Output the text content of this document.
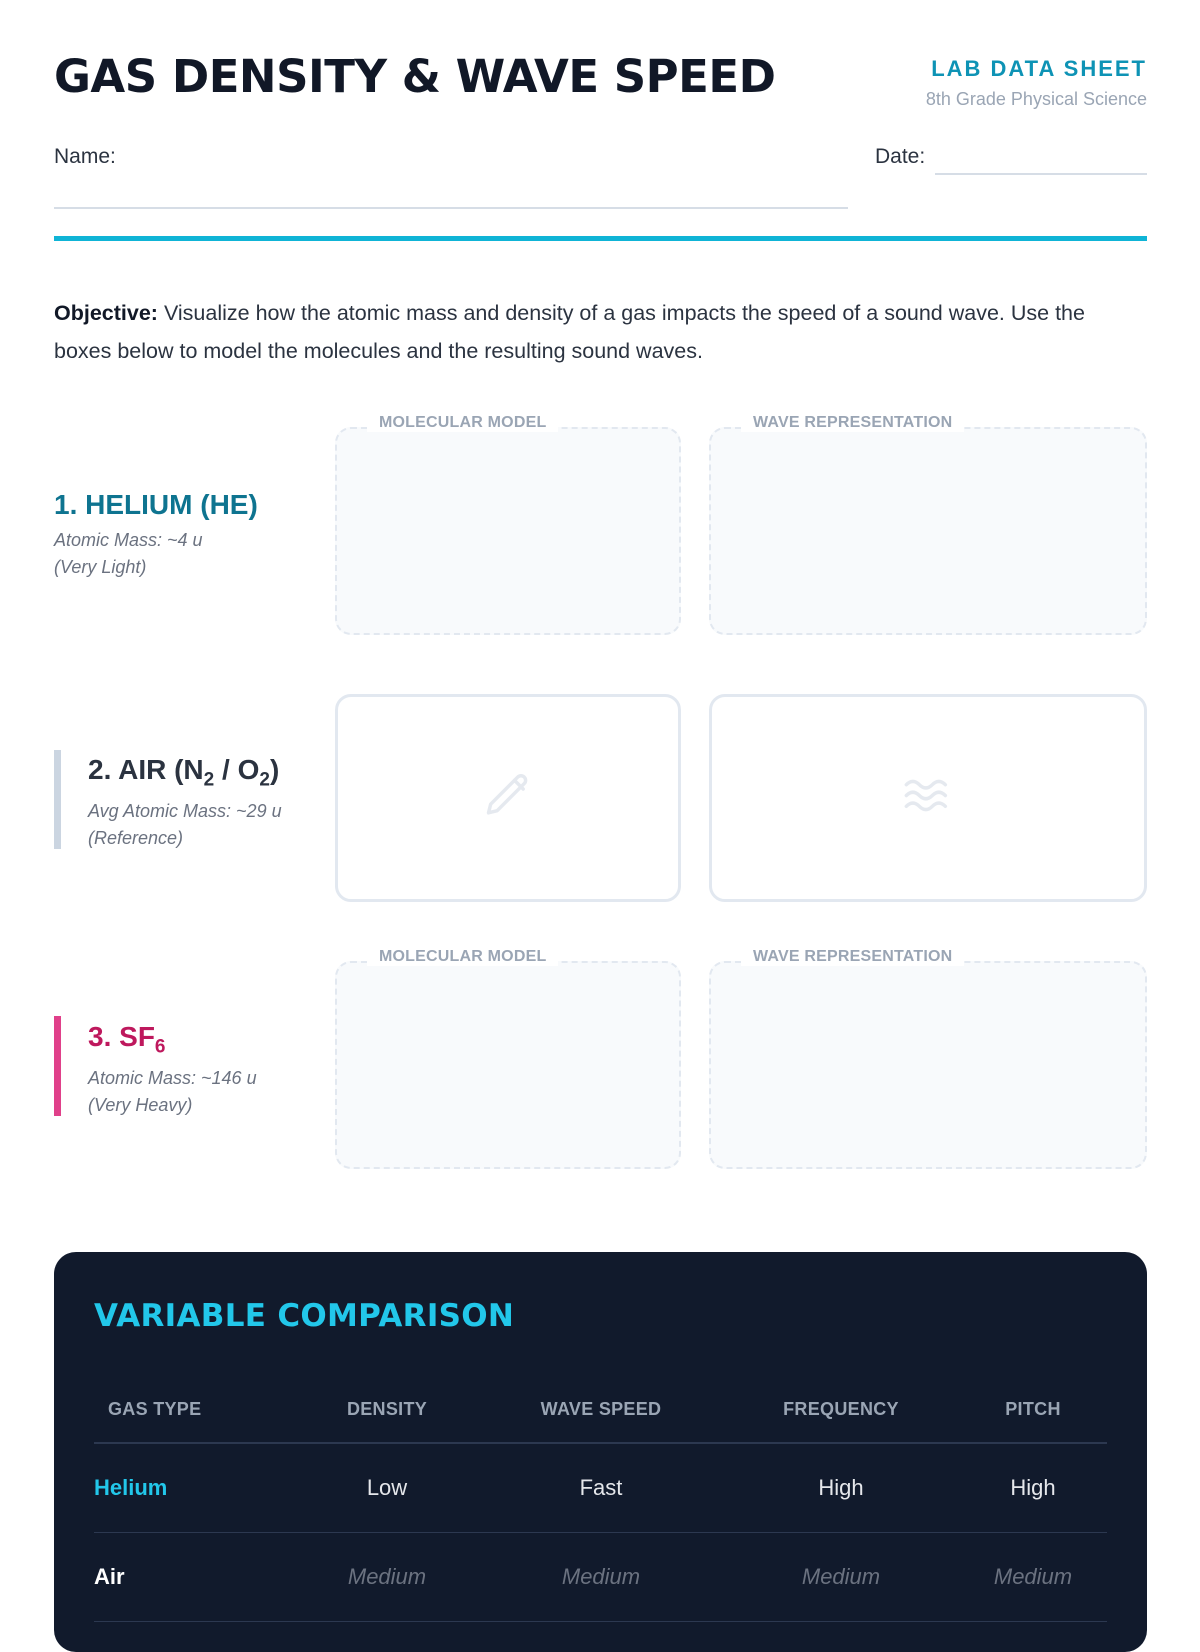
GAS DENSITY & WAVE SPEED	LAB DATA SHEET
8th Grade Physical Science
Name:	Date:

Objective: Visualize how the atomic mass and density of a gas impacts the speed of a sound wave. Use the boxes below to model the molecules and the resulting sound waves.

1. HELIUM (HE)
Atomic Mass: ~4 u
(Very Light)
MOLECULAR MODEL	WAVE REPRESENTATION
2. AIR $(N_2 / O_2)$
Avg Atomic Mass: ~29 u
(Reference)
3. $SF_6$
Atomic Mass: ~146 u
(Very Heavy)
MOLECULAR MODEL	WAVE REPRESENTATION
VARIABLE COMPARISON
GAS TYPE	DENSITY	WAVE SPEED	FREQUENCY	PITCH
Helium	Low	Fast	High	High
Air	Medium	Medium	Medium	Medium
